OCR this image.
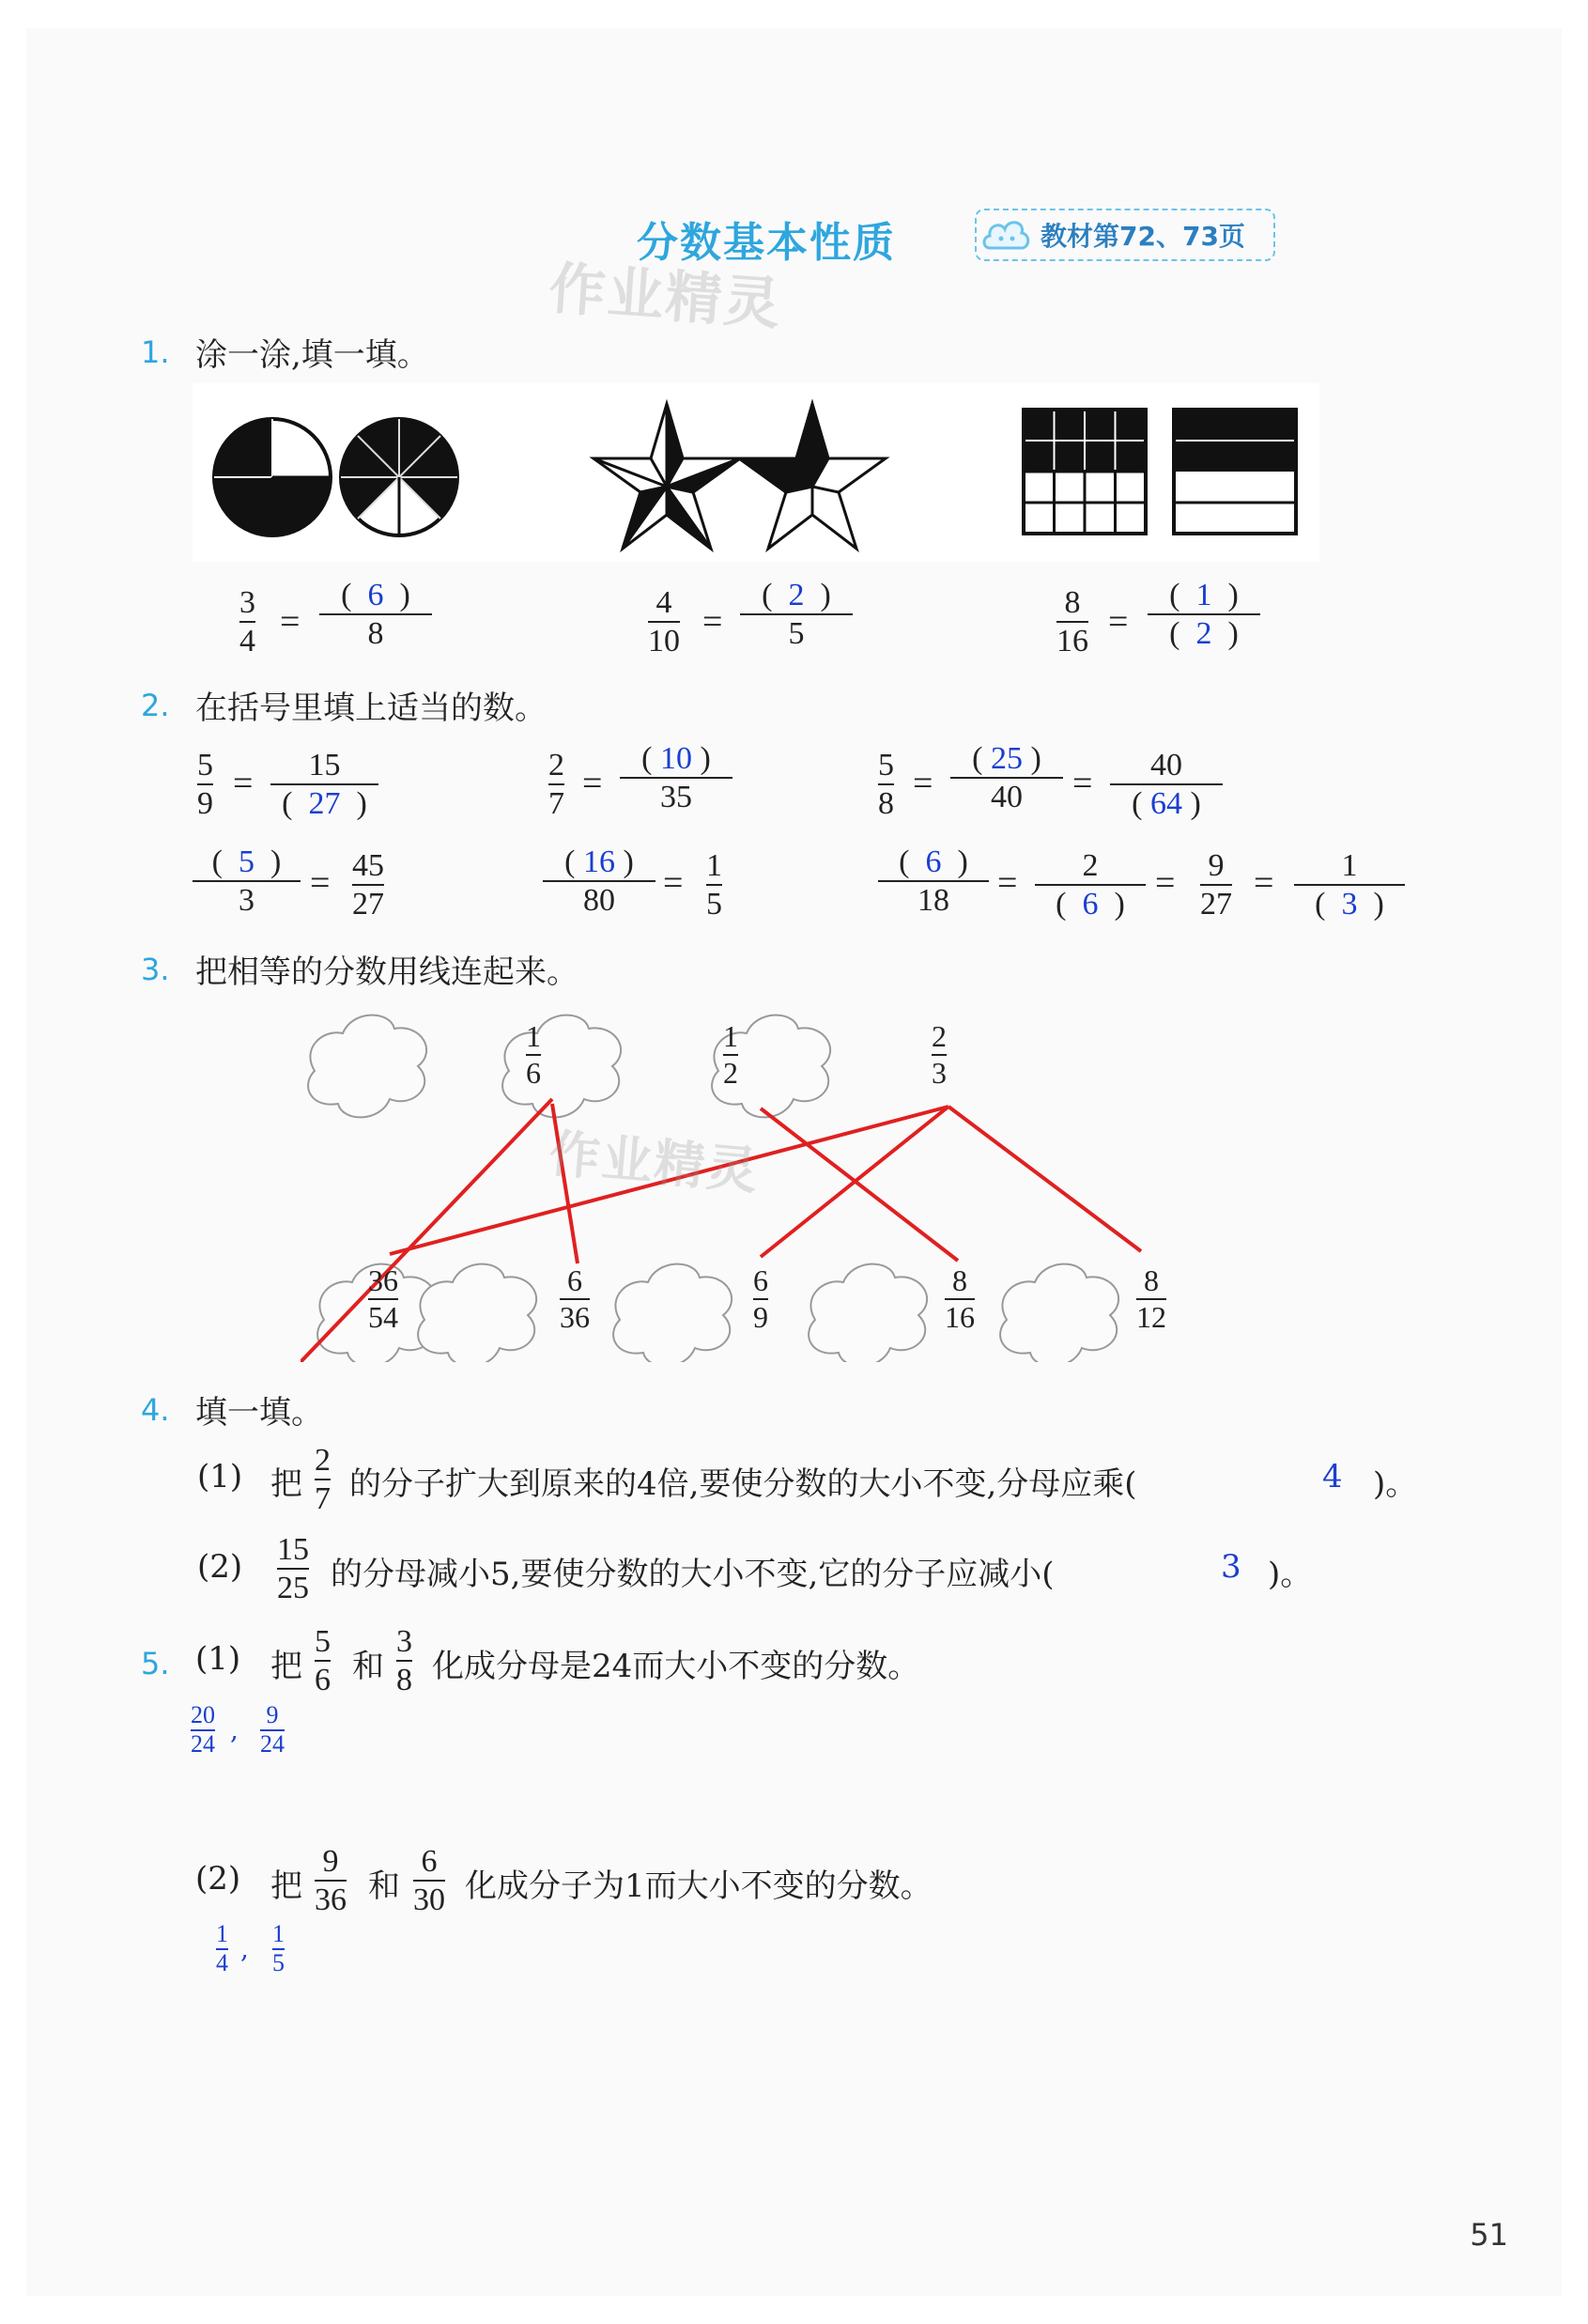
分数基本性质	教材第72、73页
作业精灵
1. 涂一涂,填一填。
3
4 =
( 6 )
8
4
10 =
( 2 )
5
8
16 =
( 1 )
( 2 )
2. 在括号里填上适当的数。
5
9
= 15
( 27 )
2
7
=
( 10 )
35
5
8
=
( 25 )
40 = 40
( 64 )
( 5 )
3 = 45
27
( 16 )
80 = 1
5
( 6 )
18 = 2
( 6 )
= 9
27
= 1
( 3 )
3. 把相等的分数用线连起来。
1
6
1
2
2
3
36
54
6
36
6
9
8
16
8
12
作业精灵
4. 填一填。
(1) 把
2
7 的分子扩大到原来的4倍,要使分数的大小不变,分母应乘(	4 )。
(2) 15
25 的分母减小5,要使分数的大小不变,它的分子应减小(	3 )。
5. (1) 把
5
6 和
3
8 化成分母是24而大小不变的分数。
20
24 , 9
24
(2) 把
9
36 和
6
30 化成分子为1而大小不变的分数。
1
4 , 1
5
51
